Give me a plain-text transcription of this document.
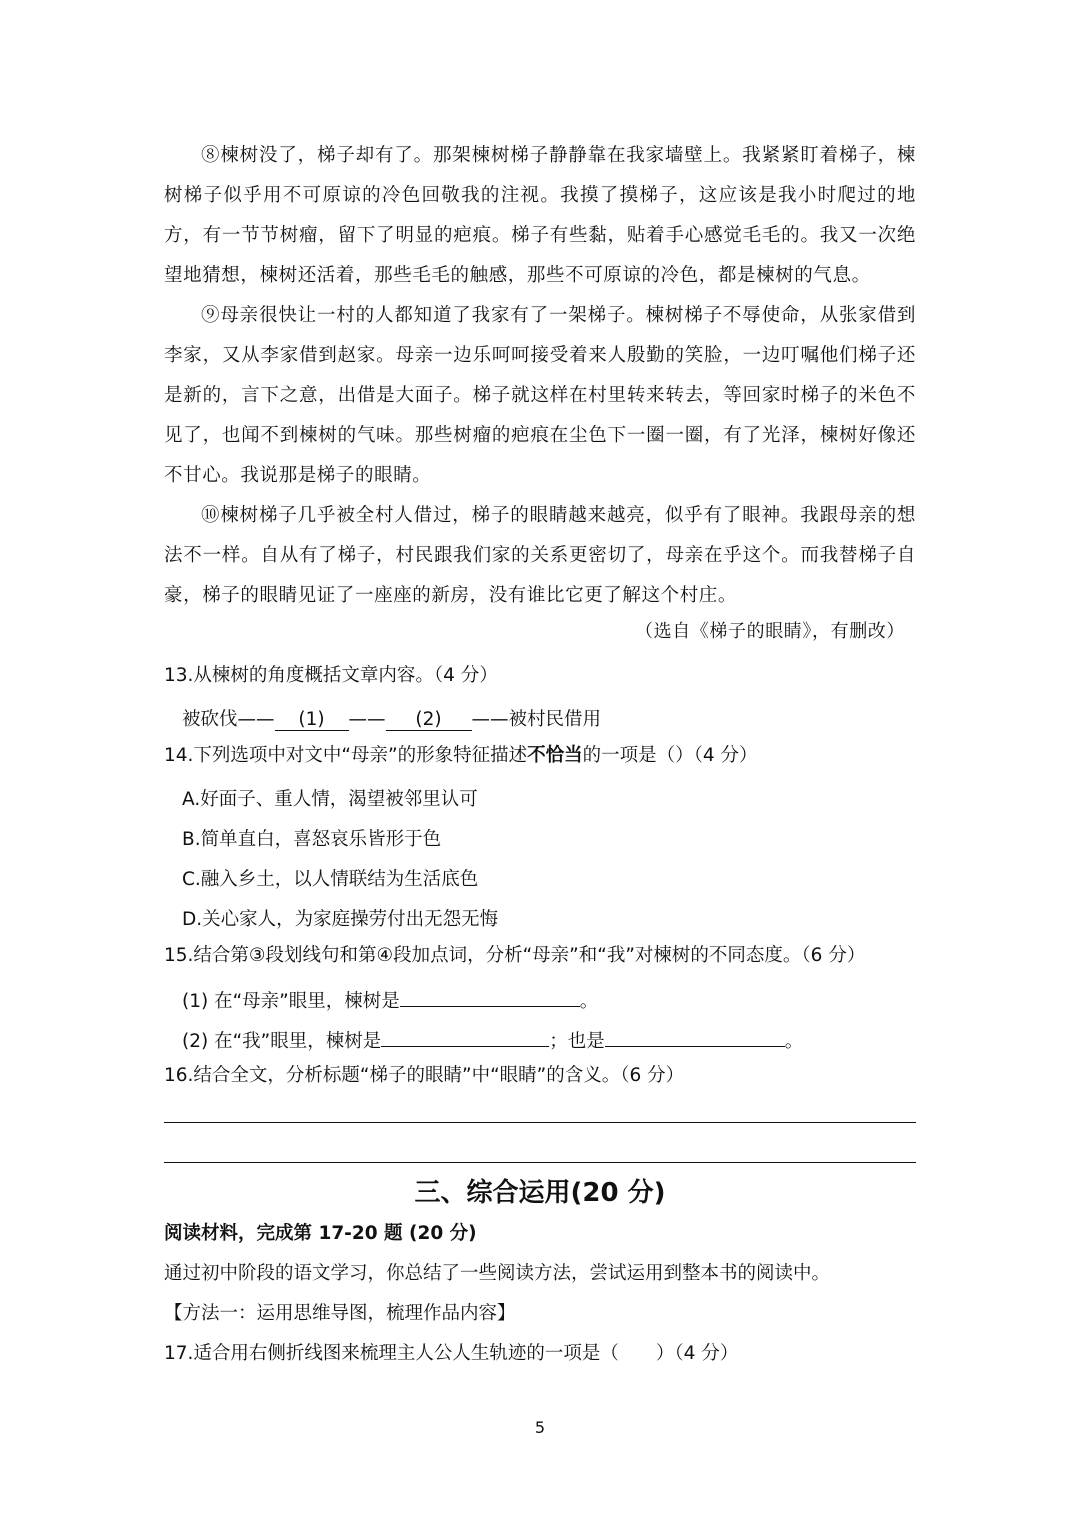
⑧楝树没了，梯子却有了。那架楝树梯子静静靠在我家墙壁上。我紧紧盯着梯子，楝树梯子似乎用不可原谅的冷色回敬我的注视。我摸了摸梯子，这应该是我小时爬过的地方，有一节节树瘤，留下了明显的疤痕。梯子有些黏，贴着手心感觉毛毛的。我又一次绝望地猜想，楝树还活着，那些毛毛的触感，那些不可原谅的冷色，都是楝树的气息。

⑨母亲很快让一村的人都知道了我家有了一架梯子。楝树梯子不辱使命，从张家借到李家，又从李家借到赵家。母亲一边乐呵呵接受着来人殷勤的笑脸，一边叮嘱他们梯子还是新的，言下之意，出借是大面子。梯子就这样在村里转来转去，等回家时梯子的米色不见了，也闻不到楝树的气味。那些树瘤的疤痕在尘色下一圈一圈，有了光泽，楝树好像还不甘心。我说那是梯子的眼睛。

⑩楝树梯子几乎被全村人借过，梯子的眼睛越来越亮，似乎有了眼神。我跟母亲的想法不一样。自从有了梯子，村民跟我们家的关系更密切了，母亲在乎这个。而我替梯子自豪，梯子的眼睛见证了一座座的新房，没有谁比它更了解这个村庄。

（选自《梯子的眼睛》，有删改）
13.从楝树的角度概括文章内容。（4 分）
被砍伐—— (1) —— (2) ——被村民借用
14.下列选项中对文中“母亲”的形象特征描述不恰当的一项是（）（4 分）
A.好面子、重人情，渴望被邻里认可
B.简单直白，喜怒哀乐皆形于色
C.融入乡土，以人情联结为生活底色
D.关心家人，为家庭操劳付出无怨无悔
15.结合第③段划线句和第④段加点词，分析“母亲”和“我”对楝树的不同态度。（6 分）
(1) 在“母亲”眼里，楝树是	。
(2) 在“我”眼里，楝树是	；也是	。
16.结合全文，分析标题“梯子的眼睛”中“眼睛”的含义。（6 分）
三、综合运用(20 分)
阅读材料，完成第 17-20 题 (20 分)
通过初中阶段的语文学习，你总结了一些阅读方法，尝试运用到整本书的阅读中。
【方法一：运用思维导图，梳理作品内容】
17.适合用右侧折线图来梳理主人公人生轨迹的一项是（　　）（4 分）
5
